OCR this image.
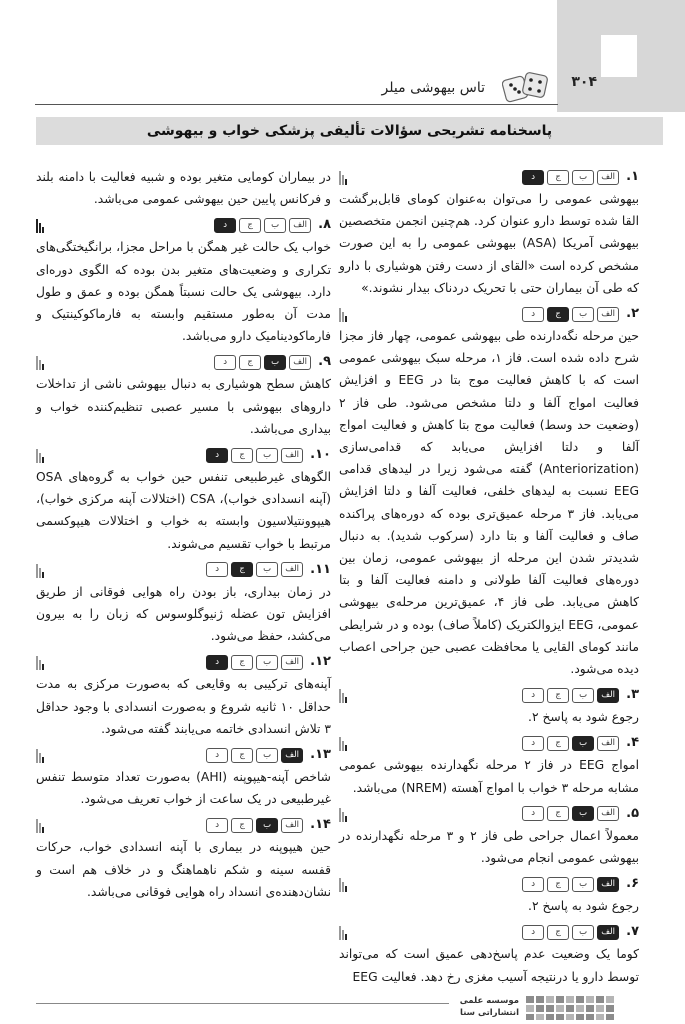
۳۰۴
تاس بیهوشی میلر
پاسخنامه تشریحی سؤالات تألیفی پزشکی خواب و بیهوشی
۱.
الف
ب
ج
د

بیهوشی عمومی را می‌توان به‌عنوان کومای قابل‌برگشت القا شده توسط دارو عنوان کرد. هم‌چنین انجمن متخصصین بیهوشی آمریکا (ASA) بیهوشی عمومی را به این صورت مشخص کرده است «القای از دست رفتن هوشیاری با دارو که طی آن بیماران حتی با تحریک دردناک بیدار نشوند.»

۲.
الف
ب
ج
د

حین مرحله نگه‌دارنده طی بیهوشی عمومی، چهار فاز مجزا شرح داده شده است. فاز ۱، مرحله سبک بیهوشی عمومی است که با کاهش فعالیت موج بتا در EEG و افزایش فعالیت امواج آلفا و دلتا مشخص می‌شود. طی فاز ۲ (وضعیت حد وسط) فعالیت موج بتا کاهش و فعالیت امواج آلفا و دلتا افزایش می‌یابد که قدامی‌سازی (Anteriorization) گفته می‌شود زیرا در لیدهای قدامی EEG نسبت به لیدهای خلفی، فعالیت آلفا و دلتا افزایش می‌یابد. فاز ۳ مرحله عمیق‌تری بوده که دوره‌های پراکنده صاف و فعالیت آلفا و بتا دارد (سرکوب شدید). به دنبال شدیدتر شدن این مرحله از بیهوشی عمومی، زمان بین دوره‌های فعالیت آلفا طولانی و دامنه فعالیت آلفا و بتا کاهش می‌یابد. طی فاز ۴، عمیق‌ترین مرحله‌ی بیهوشی عمومی، EEG ایزوالکتریک (کاملاً صاف) بوده و در شرایطی مانند کومای القایی یا محافظت عصبی حین جراحی اعصاب دیده می‌شود.

۳.
الف
ب
ج
د

رجوع شود به پاسخ ۲.

۴.
الف
ب
ج
د

امواج EEG در فاز ۲ مرحله نگهدارنده بیهوشی عمومی مشابه مرحله ۳ خواب با امواج آهسته (NREM) می‌باشد.

۵.
الف
ب
ج
د

معمولاً اعمال جراحی طی فاز ۲ و ۳ مرحله نگهدارنده در بیهوشی عمومی انجام می‌شود.

۶.
الف
ب
ج
د

رجوع شود به پاسخ ۲.

۷.
الف
ب
ج
د

کوما یک وضعیت عدم پاسخ‌دهی عمیق است که می‌تواند توسط دارو یا درنتیجه آسیب مغزی رخ دهد. فعالیت EEG

در بیماران کومایی متغیر بوده و شبیه فعالیت با دامنه بلند و فرکانس پایین حین بیهوشی عمومی می‌باشد.

۸.
الف
ب
ج
د

خواب یک حالت غیر همگن با مراحل مجزا، برانگیختگی‌های تکراری و وضعیت‌های متغیر بدن بوده که الگوی دوره‌ای دارد. بیهوشی یک حالت نسبتاً همگن بوده و عمق و طول مدت آن به‌طور مستقیم وابسته به فارماکوکینتیک و فارماکودینامیک دارو می‌باشد.

۹.
الف
ب
ج
د

کاهش سطح هوشیاری به دنبال بیهوشی ناشی از تداخلات داروهای بیهوشی با مسیر عصبی تنظیم‌کننده خواب و بیداری می‌باشد.

۱۰.
الف
ب
ج
د

الگوهای غیرطبیعی تنفس حین خواب به گروه‌های OSA (آپنه انسدادی خواب)، CSA (اختلالات آپنه مرکزی خواب)، هیپوونتیلاسیون وابسته به خواب و اختلالات هیپوکسمی مرتبط با خواب تقسیم می‌شوند.

۱۱.
الف
ب
ج
د

در زمان بیداری، باز بودن راه هوایی فوقانی از طریق افزایش تون عضله ژنیوگلوسوس که زبان را به بیرون می‌کشد، حفظ می‌شود.

۱۲.
الف
ب
ج
د

آپنه‌های ترکیبی به وقایعی که به‌صورت مرکزی به مدت حداقل ۱۰ ثانیه شروع و به‌صورت انسدادی با وجود حداقل ۳ تلاش انسدادی خاتمه می‌یابند گفته می‌شود.

۱۳.
الف
ب
ج
د

شاخص آپنه-هیپوپنه (AHI) به‌صورت تعداد متوسط تنفس غیرطبیعی در یک ساعت از خواب تعریف می‌شود.

۱۴.
الف
ب
ج
د

حین هیپوپنه در بیماری با آپنه انسدادی خواب، حرکات قفسه سینه و شکم ناهماهنگ و در خلاف هم است و نشان‌دهنده‌ی انسداد راه هوایی فوقانی می‌باشد.

موسسه علمی
انتشاراتی سنا
